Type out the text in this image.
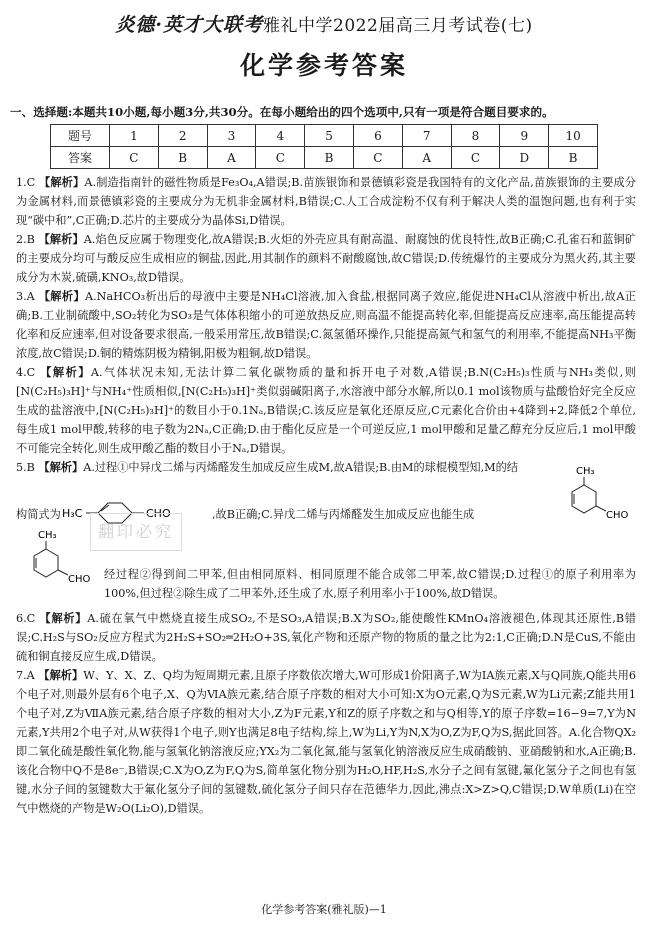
炎德·英才大联考雅礼中学2022届高三月考试卷(七)
化学参考答案
一、选择题:本题共10小题,每小题3分,共30分。在每小题给出的四个选项中,只有一项是符合题目要求的。
题号	1	2	3	4	5	6	7	8	9	10
答案	C	B	A	C	B	C	A	C	D	B

1.C 【解析】A.制造指南针的磁性物质是Fe₃O₄,A错误;B.苗族银饰和景德镇彩瓷是我国特有的文化产品,苗族银饰的主要成分为金属材料,而景德镇彩瓷的主要成分为无机非金属材料,B错误;C.人工合成淀粉不仅有利于解决人类的温饱问题,也有利于实现“碳中和”,C正确;D.芯片的主要成分为晶体Si,D错误。

2.B 【解析】A.焰色反应属于物理变化,故A错误;B.火炬的外壳应具有耐高温、耐腐蚀的优良特性,故B正确;C.孔雀石和蓝铜矿的主要成分均可与酸反应生成相应的铜盐,因此,用其制作的颜料不耐酸腐蚀,故C错误;D.传统爆竹的主要成分为黑火药,其主要成分为木炭,硫磺,KNO₃,故D错误。

3.A 【解析】A.NaHCO₃析出后的母液中主要是NH₄Cl溶液,加入食盐,根据同离子效应,能促进NH₄Cl从溶液中析出,故A正确;B.工业制硫酸中,SO₂转化为SO₃是气体体积缩小的可逆放热反应,则高温不能提高转化率,但能提高反应速率,高压能提高转化率和反应速率,但对设备要求很高,一般采用常压,故B错误;C.氮氢循环操作,只能提高氮气和氢气的利用率,不能提高NH₃平衡浓度,故C错误;D.铜的精炼阴极为精铜,阳极为粗铜,故D错误。

4.C 【解析】A.气体状况未知,无法计算二氧化碳物质的量和拆开电子对数,A错误;B.N(C₂H₅)₃性质与NH₃类似,则[N(C₂H₅)₃H]⁺与NH₄⁺性质相似,[N(C₂H₅)₃H]⁺类似弱碱阳离子,水溶液中部分水解,所以0.1 mol该物质与盐酸恰好完全反应生成的盐溶液中,[N(C₂H₅)₃H]⁺的数目小于0.1Nₐ,B错误;C.该反应是氧化还原反应,C元素化合价由+4降到+2,降低2个单位,每生成1 mol甲酸,转移的电子数为2Nₐ,C正确;D.由于酯化反应是一个可逆反应,1 mol甲酸和足量乙醇充分反应后,1 mol甲酸不可能完全转化,则生成甲酸乙酯的数目小于Nₐ,D错误。

5.B 【解析】A.过程①中异戊二烯与丙烯醛发生加成反应生成M,故A错误;B.由M的球棍模型知,M的结

构简式为 H₃C	CHO	,故B正确;C.异戊二烯与丙烯醛发生加成反应也能生成
CH₃
CHO
CH₃
CHO 经过程②得到间二甲苯,但由相同原料、相同原理不能合成邻二甲苯,故C错误;D.过程①的原子利用率为100%,但过程②除生成了二甲苯外,还生成了水,原子利用率小于100%,故D错误。

6.C 【解析】A.硫在氧气中燃烧直接生成SO₂,不是SO₃,A错误;B.X为SO₂,能使酸性KMnO₄溶液褪色,体现其还原性,B错误;C.H₂S与SO₂反应方程式为2H₂S+SO₂═2H₂O+3S,氧化产物和还原产物的物质的量之比为2:1,C正确;D.N是CuS,不能由硫和铜直接反应生成,D错误。

7.A 【解析】W、Y、X、Z、Q均为短周期元素,且原子序数依次增大,W可形成1价阳离子,W为ⅠA族元素,X与Q同族,Q能共用6个电子对,则最外层有6个电子,X、Q为ⅥA族元素,结合原子序数的相对大小可知:X为O元素,Q为S元素,W为Li元素;Z能共用1个电子对,Z为ⅦA族元素,结合原子序数的相对大小,Z为F元素,Y和Z的原子序数之和与Q相等,Y的原子序数=16−9=7,Y为N元素,Y共用2个电子对,从W获得1个电子,则Y也满足8电子结构,综上,W为Li,Y为N,X为O,Z为F,Q为S,据此回答。A.化合物QX₂即二氧化硫是酸性氧化物,能与氢氧化钠溶液反应;YX₂为二氧化氮,能与氢氧化钠溶液反应生成硝酸钠、亚硝酸钠和水,A正确;B.该化合物中Q不是8e⁻,B错误;C.X为O,Z为F,Q为S,简单氢化物分别为H₂O,HF,H₂S,水分子之间有氢键,氟化氢分子之间也有氢键,水分子间的氢键数大于氟化氢分子间的氢键数,硫化氢分子间只存在范德华力,因此,沸点:X>Z>Q,C错误;D.W单质(Li)在空气中燃烧的产物是W₂O(Li₂O),D错误。

翻印必究
化学参考答案(雅礼版)—1
